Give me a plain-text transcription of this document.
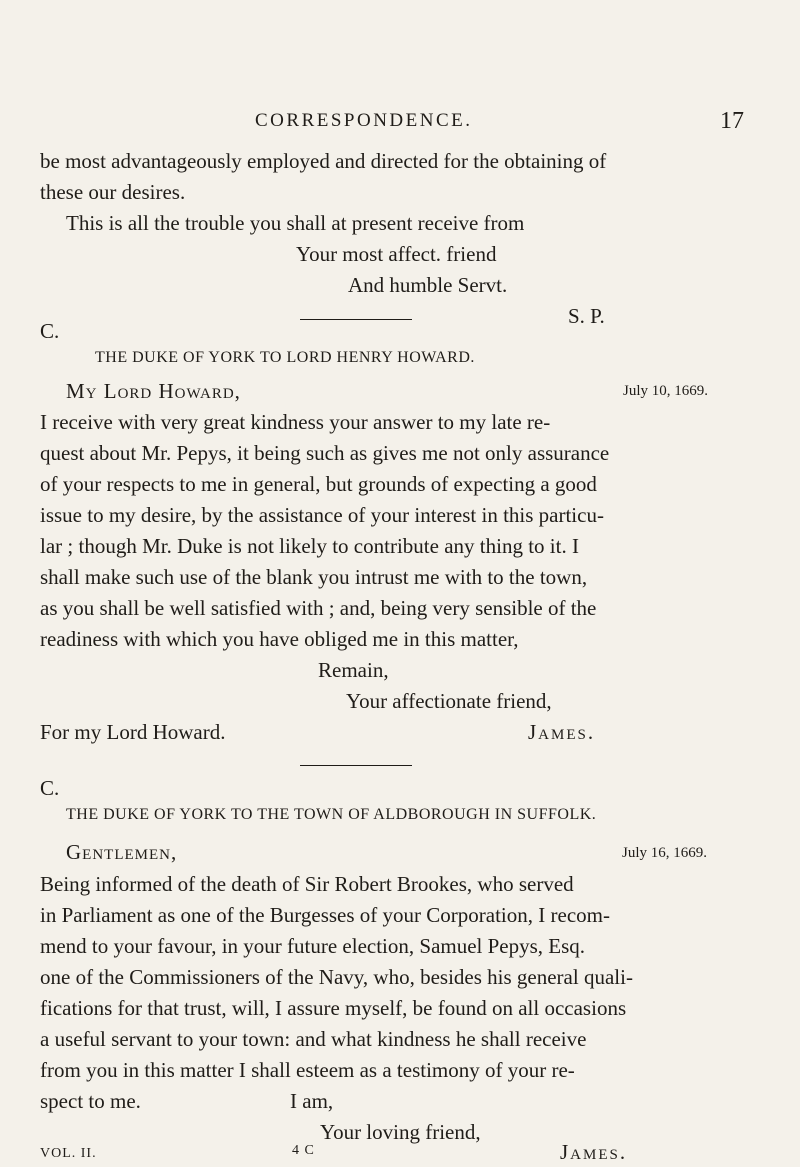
CORRESPONDENCE.	17
be most advantageously employed and directed for the obtaining of
these our desires.
This is all the trouble you shall at present receive from
Your most affect. friend
And humble Servt.
S. P.
C.
THE DUKE OF YORK TO LORD HENRY HOWARD.
My Lord Howard,	July 10, 1669.
I receive with very great kindness your answer to my late re-
quest about Mr. Pepys, it being such as gives me not only assurance
of your respects to me in general, but grounds of expecting a good
issue to my desire, by the assistance of your interest in this particu-
lar ; though Mr. Duke is not likely to contribute any thing to it. I
shall make such use of the blank you intrust me with to the town,
as you shall be well satisfied with ; and, being very sensible of the
readiness with which you have obliged me in this matter,
Remain,
Your affectionate friend,
For my Lord Howard.	James.
C.
THE DUKE OF YORK TO THE TOWN OF ALDBOROUGH IN SUFFOLK.
Gentlemen,	July 16, 1669.
Being informed of the death of Sir Robert Brookes, who served
in Parliament as one of the Burgesses of your Corporation, I recom-
mend to your favour, in your future election, Samuel Pepys, Esq.
one of the Commissioners of the Navy, who, besides his general quali-
fications for that trust, will, I assure myself, be found on all occasions
a useful servant to your town: and what kindness he shall receive
from you in this matter I shall esteem as a testimony of your re-
spect to me.	I am,
Your loving friend,
James.
VOL. II.	4 C
